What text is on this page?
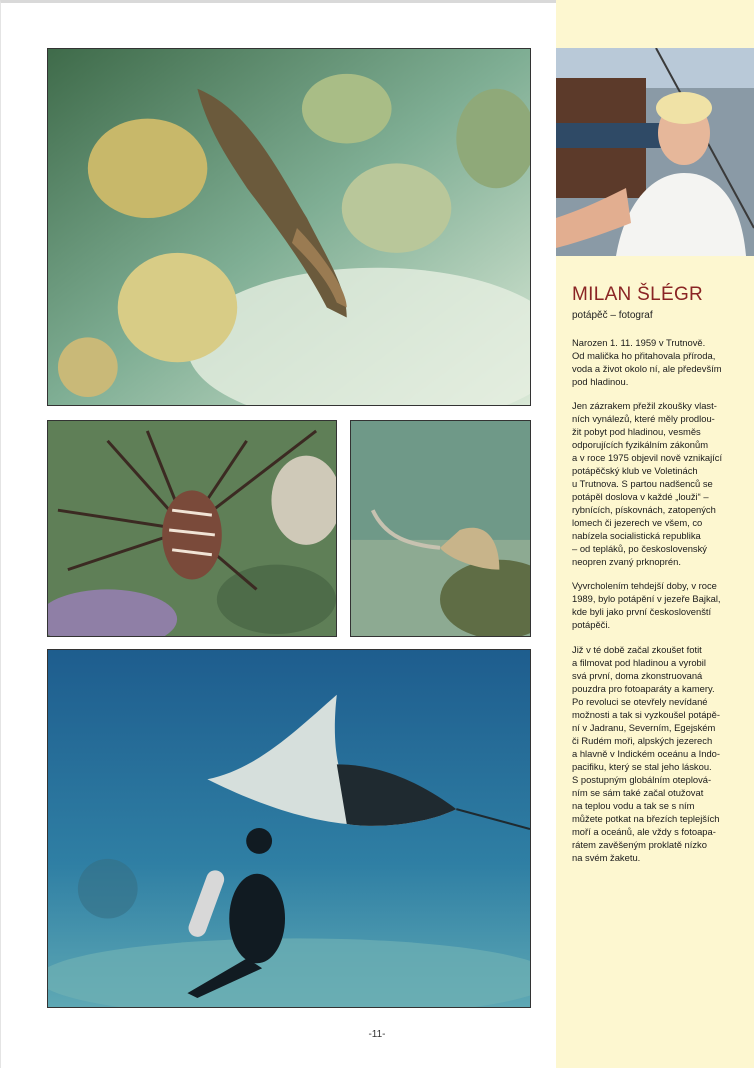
MILAN ŠLÉGR
potápěč – fotograf
Narozen 1. 11. 1959 v Trutnově.
Od malička ho přitahovala příroda,
voda a život okolo ní, ale především
pod hladinou.
Jen zázrakem přežil zkoušky vlast-
ních vynálezů, které měly prodlou-
žit pobyt pod hladinou, vesměs
odporujících fyzikálním zákonům
a v roce 1975 objevil nově vznikající
potápěčský klub ve Voletinách
u Trutnova. S partou nadšenců se
potápěl doslova v každé „louži“ –
rybnících, pískovnách, zatopených
lomech či jezerech ve všem, co
nabízela socialistická republika
– od tepláků, po československý
neopren zvaný prknoprén.
Vyvrcholením tehdejší doby, v roce
1989, bylo potápění v jezeře Bajkal,
kde byli jako první českoslovenští
potápěči.
Již v té době začal zkoušet fotit
a filmovat pod hladinou a vyrobil
svá první, doma zkonstruovaná
pouzdra pro fotoaparáty a kamery.
Po revoluci se otevřely nevídané
možnosti a tak si vyzkoušel potápě-
ní v Jadranu, Severním, Egejském
či Rudém moři, alpských jezerech
a hlavně v Indickém oceánu a Indo-
pacifiku, který se stal jeho láskou.
S postupným globálním oteplová-
ním se sám také začal otužovat
na teplou vodu a tak se s ním
můžete potkat na březích teplejších
moří a oceánů, ale vždy s fotoapa-
rátem zavěšeným proklatě nízko
na svém žaketu.
-11-
